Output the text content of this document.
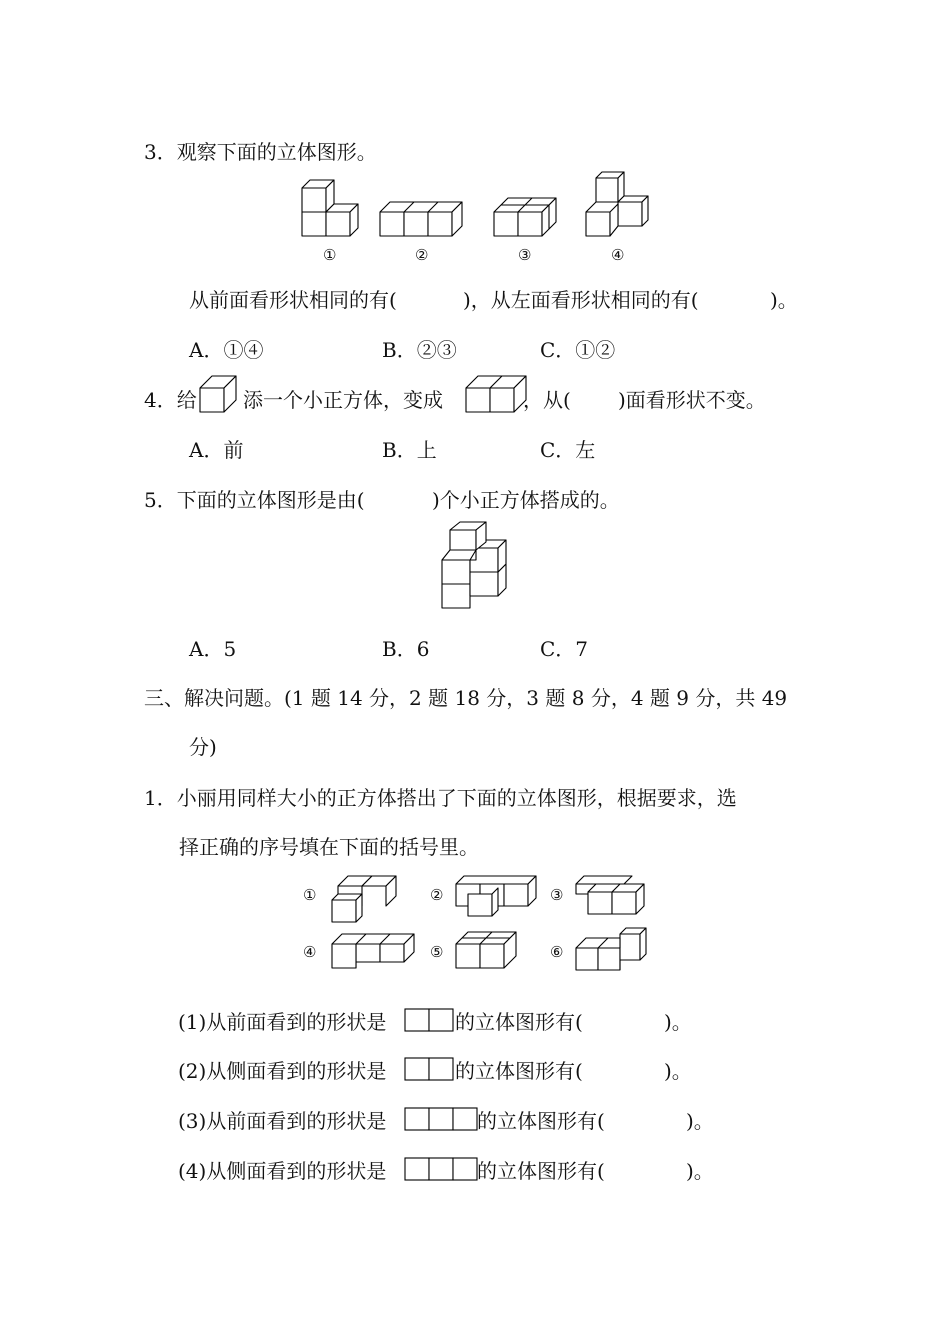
3．观察下面的立体图形。
①	②	③	④
从前面看形状相同的有(	)，从左面看形状相同的有(	)。
A．①④	B．②③	C．①②
4．给 添一个小正方体，变成	，从( )面看形状不变。
A．前	B．上	C．左
5．下面的立体图形是由(	)个小正方体搭成的。
A．5	B．6	C．7
三、解决问题。(1 题 14 分，2 题 18 分，3 题 8 分，4 题 9 分，共 49
分)
1．小丽用同样大小的正方体搭出了下面的立体图形，根据要求，选
择正确的序号填在下面的括号里。
①	②	③
④	⑤	⑥
(1)从前面看到的形状是	的立体图形有(	)。
(2)从侧面看到的形状是	的立体图形有(	)。
(3)从前面看到的形状是	的立体图形有(	)。
(4)从侧面看到的形状是	的立体图形有(	)。
